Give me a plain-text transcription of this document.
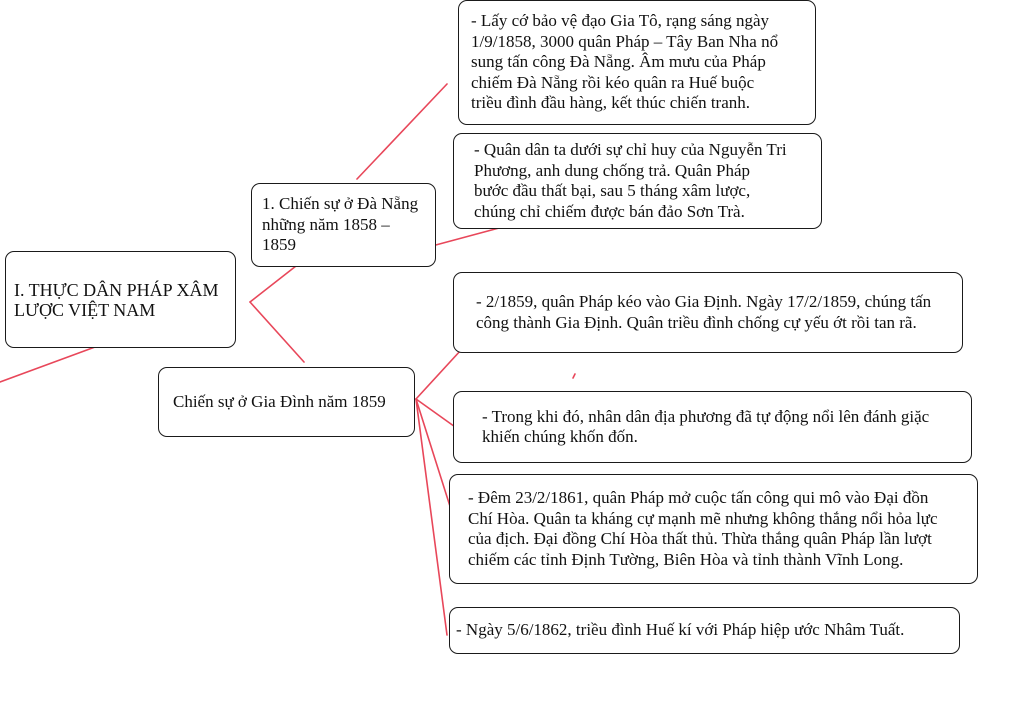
I. THỰC DÂN PHÁP XÂM
LƯỢC VIỆT NAM
1. Chiến sự ở Đà Nẵng
những năm 1858 –
1859
Chiến sự ở Gia Đình năm 1859
- Lấy cớ bảo vệ đạo Gia Tô, rạng sáng ngày
1/9/1858, 3000 quân Pháp – Tây Ban Nha nổ
sung tấn công Đà Nẵng. Âm mưu của Pháp
chiếm Đà Nẵng rồi kéo quân ra Huế buộc
triều đình đầu hàng, kết thúc chiến tranh.
- Quân dân ta dưới sự chỉ huy của Nguyễn Tri
Phương, anh dung chống trả. Quân Pháp
bước đầu thất bại, sau 5 tháng xâm lược,
chúng chỉ chiếm được bán đảo Sơn Trà.
- 2/1859, quân Pháp kéo vào Gia Định. Ngày 17/2/1859, chúng tấn
công thành Gia Định. Quân triều đình chống cự yếu ớt rồi tan rã.
- Trong khi đó, nhân dân địa phương đã tự động nổi lên đánh giặc
khiến chúng khốn đốn.
- Đêm 23/2/1861, quân Pháp mở cuộc tấn công qui mô vào Đại đồn
Chí Hòa. Quân ta kháng cự mạnh mẽ nhưng không thắng nổi hỏa lực
của địch. Đại đồng Chí Hòa thất thủ. Thừa thắng quân Pháp lần lượt
chiếm các tỉnh Định Tường, Biên Hòa và tỉnh thành Vĩnh Long.
- Ngày 5/6/1862, triều đình Huế kí với Pháp hiệp ước Nhâm Tuất.
